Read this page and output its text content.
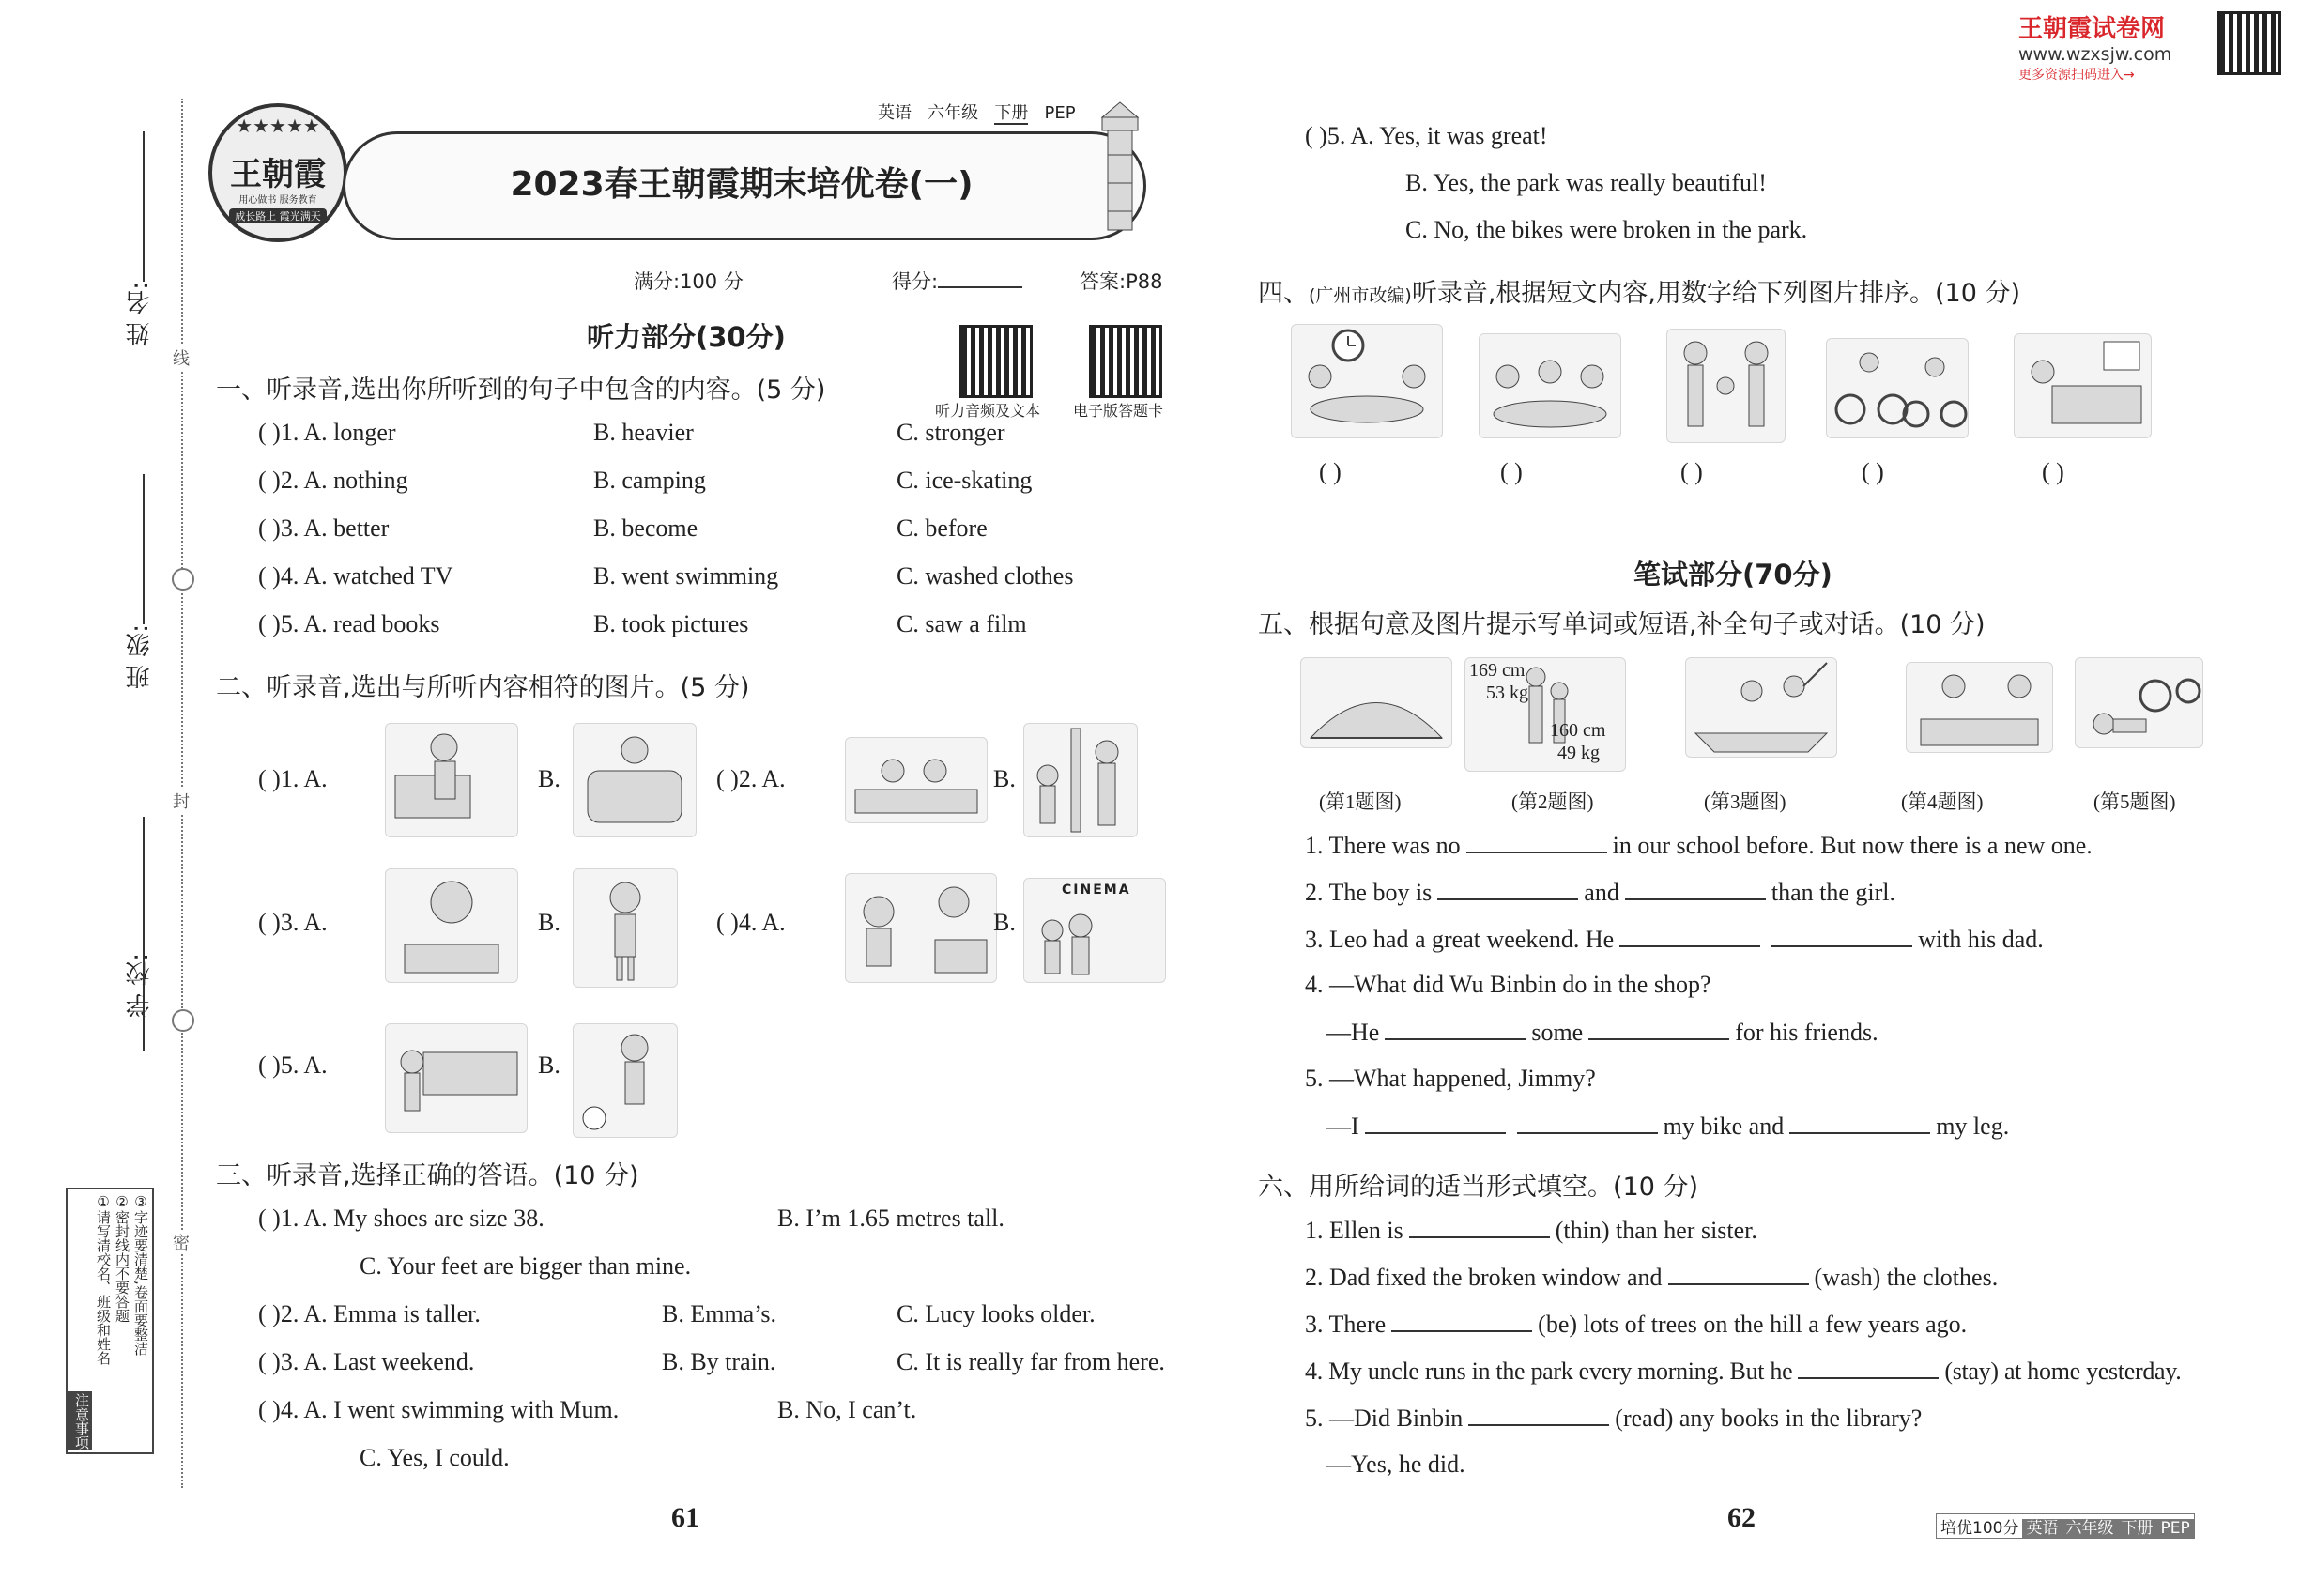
王朝霞试卷网
www.wzxsjw.com
更多资源扫码进入→
姓 名:
班 级:
学 校:
线
封
密
注意事项
①请写清校名、班级和姓名 ②密封线内不要答题 ③字迹要清楚,卷面要整洁
★★★★★
王朝霞
用心做书 服务教育
成长路上 霞光满天
2023春王朝霞期末培优卷(一)
英语 六年级 下册 PEP
满分:100 分	得分:	答案:P88
听力音频及文本 电子版答题卡
听力部分(30分)
一、听录音,选出你所听到的句子中包含的内容。(5 分)
( )1. A. longer	B. heavier	C. stronger
( )2. A. nothing	B. camping	C. ice-skating
( )3. A. better	B. become	C. before
( )4. A. watched TV	B. went swimming	C. washed clothes
( )5. A. read books	B. took pictures	C. saw a film
二、听录音,选出与所听内容相符的图片。(5 分)
( )1. A.	B.	( )2. A.	B.
( )3. A.	B.	( )4. A.	B.
CINEMA
( )5. A.	B.
三、听录音,选择正确的答语。(10 分)
( )1. A. My shoes are size 38.	B. I’m 1.65 metres tall.
C. Your feet are bigger than mine.
( )2. A. Emma is taller.	B. Emma’s.	C. Lucy looks older.
( )3. A. Last weekend.	B. By train.	C. It is really far from here.
( )4. A. I went swimming with Mum.	B. No, I can’t.
C. Yes, I could.
61
( )5. A. Yes, it was great!
B. Yes, the park was really beautiful!
C. No, the bikes were broken in the park.
四、(广州市改编)听录音,根据短文内容,用数字给下列图片排序。(10 分)
( )	( )	( )	( )	( )
笔试部分(70分)
五、根据句意及图片提示写单词或短语,补全句子或对话。(10 分)
169 cm
53 kg
160 cm
49 kg
(第1题图)	(第2题图)	(第3题图)	(第4题图)	(第5题图)
1. There was no	in our school before. But now there is a new one.
2. The boy is	and	than the girl.
3. Leo had a great weekend. He	with his dad.
4. —What did Wu Binbin do in the shop?
—He	some	for his friends.
5. —What happened, Jimmy?
—I	my bike and	my leg.
六、用所给词的适当形式填空。(10 分)
1. Ellen is	(thin) than her sister.
2. Dad fixed the broken window and	(wash) the clothes.
3. There	(be) lots of trees on the hill a few years ago.
4. My uncle runs in the park every morning. But he	(stay) at home yesterday.
5. —Did Binbin	(read) any books in the library?
—Yes, he did.
62	培优100分 英语 六年级 下册 PEP
